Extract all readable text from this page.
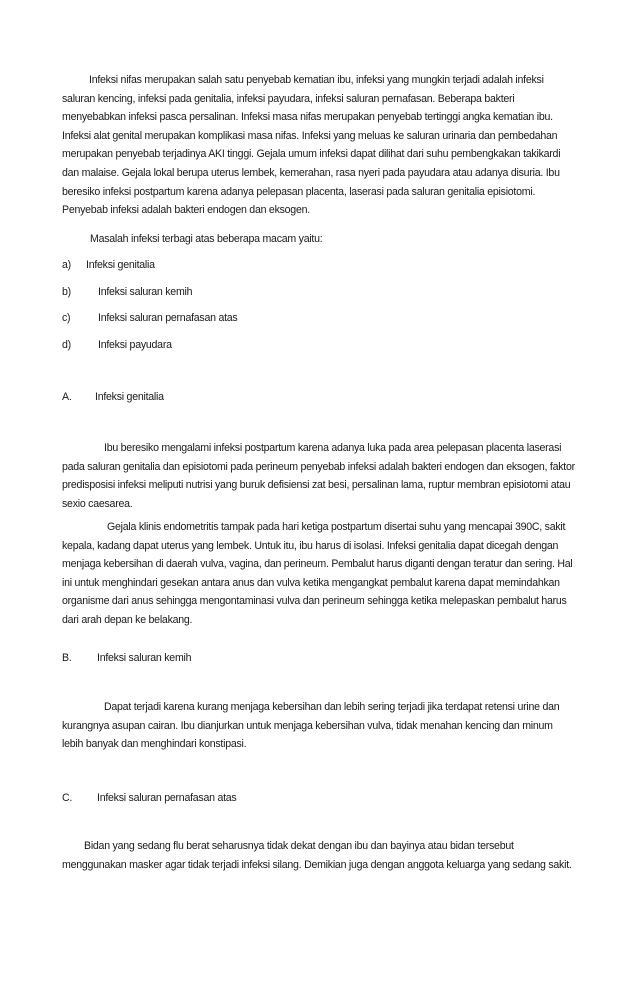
Infeksi nifas merupakan salah satu penyebab kematian ibu, infeksi yang mungkin terjadi adalah infeksi saluran kencing, infeksi pada genitalia, infeksi payudara, infeksi saluran pernafasan. Beberapa bakteri menyebabkan infeksi pasca persalinan. Infeksi masa nifas merupakan penyebab tertinggi angka kematian ibu. Infeksi alat genital merupakan komplikasi masa nifas. Infeksi yang meluas ke saluran urinaria dan pembedahan merupakan penyebab terjadinya AKI tinggi. Gejala umum infeksi dapat dilihat dari suhu pembengkakan takikardi dan malaise. Gejala lokal berupa uterus lembek, kemerahan, rasa nyeri pada payudara atau adanya disuria. Ibu beresiko infeksi postpartum karena adanya pelepasan placenta, laserasi pada saluran genitalia episiotomi. Penyebab infeksi adalah bakteri endogen dan eksogen.

Masalah infeksi terbagi atas beberapa macam yaitu:
a) Infeksi genitalia
b)	Infeksi saluran kemih
c)	Infeksi saluran pernafasan atas
d)	Infeksi payudara
A. Infeksi genitalia

Ibu beresiko mengalami infeksi postpartum karena adanya luka pada area pelepasan placenta laserasi pada saluran genitalia dan episiotomi pada perineum penyebab infeksi adalah bakteri endogen dan eksogen, faktor predisposisi infeksi meliputi nutrisi yang buruk defisiensi zat besi, persalinan lama, ruptur membran episiotomi atau sexio caesarea.

Gejala klinis endometritis tampak pada hari ketiga postpartum disertai suhu yang mencapai 390C, sakit kepala, kadang dapat uterus yang lembek. Untuk itu, ibu harus di isolasi. Infeksi genitalia dapat dicegah dengan menjaga kebersihan di daerah vulva, vagina, dan perineum. Pembalut harus diganti dengan teratur dan sering. Hal ini untuk menghindari gesekan antara anus dan vulva ketika mengangkat pembalut karena dapat memindahkan organisme dari anus sehingga mengontaminasi vulva dan perineum sehingga ketika melepaskan pembalut harus dari arah depan ke belakang.

B. Infeksi saluran kemih

Dapat terjadi karena kurang menjaga kebersihan dan lebih sering terjadi jika terdapat retensi urine dan kurangnya asupan cairan. Ibu dianjurkan untuk menjaga kebersihan vulva, tidak menahan kencing dan minum lebih banyak dan menghindari konstipasi.

C. Infeksi saluran pernafasan atas

Bidan yang sedang flu berat seharusnya tidak dekat dengan ibu dan bayinya atau bidan tersebut menggunakan masker agar tidak terjadi infeksi silang. Demikian juga dengan anggota keluarga yang sedang sakit.
